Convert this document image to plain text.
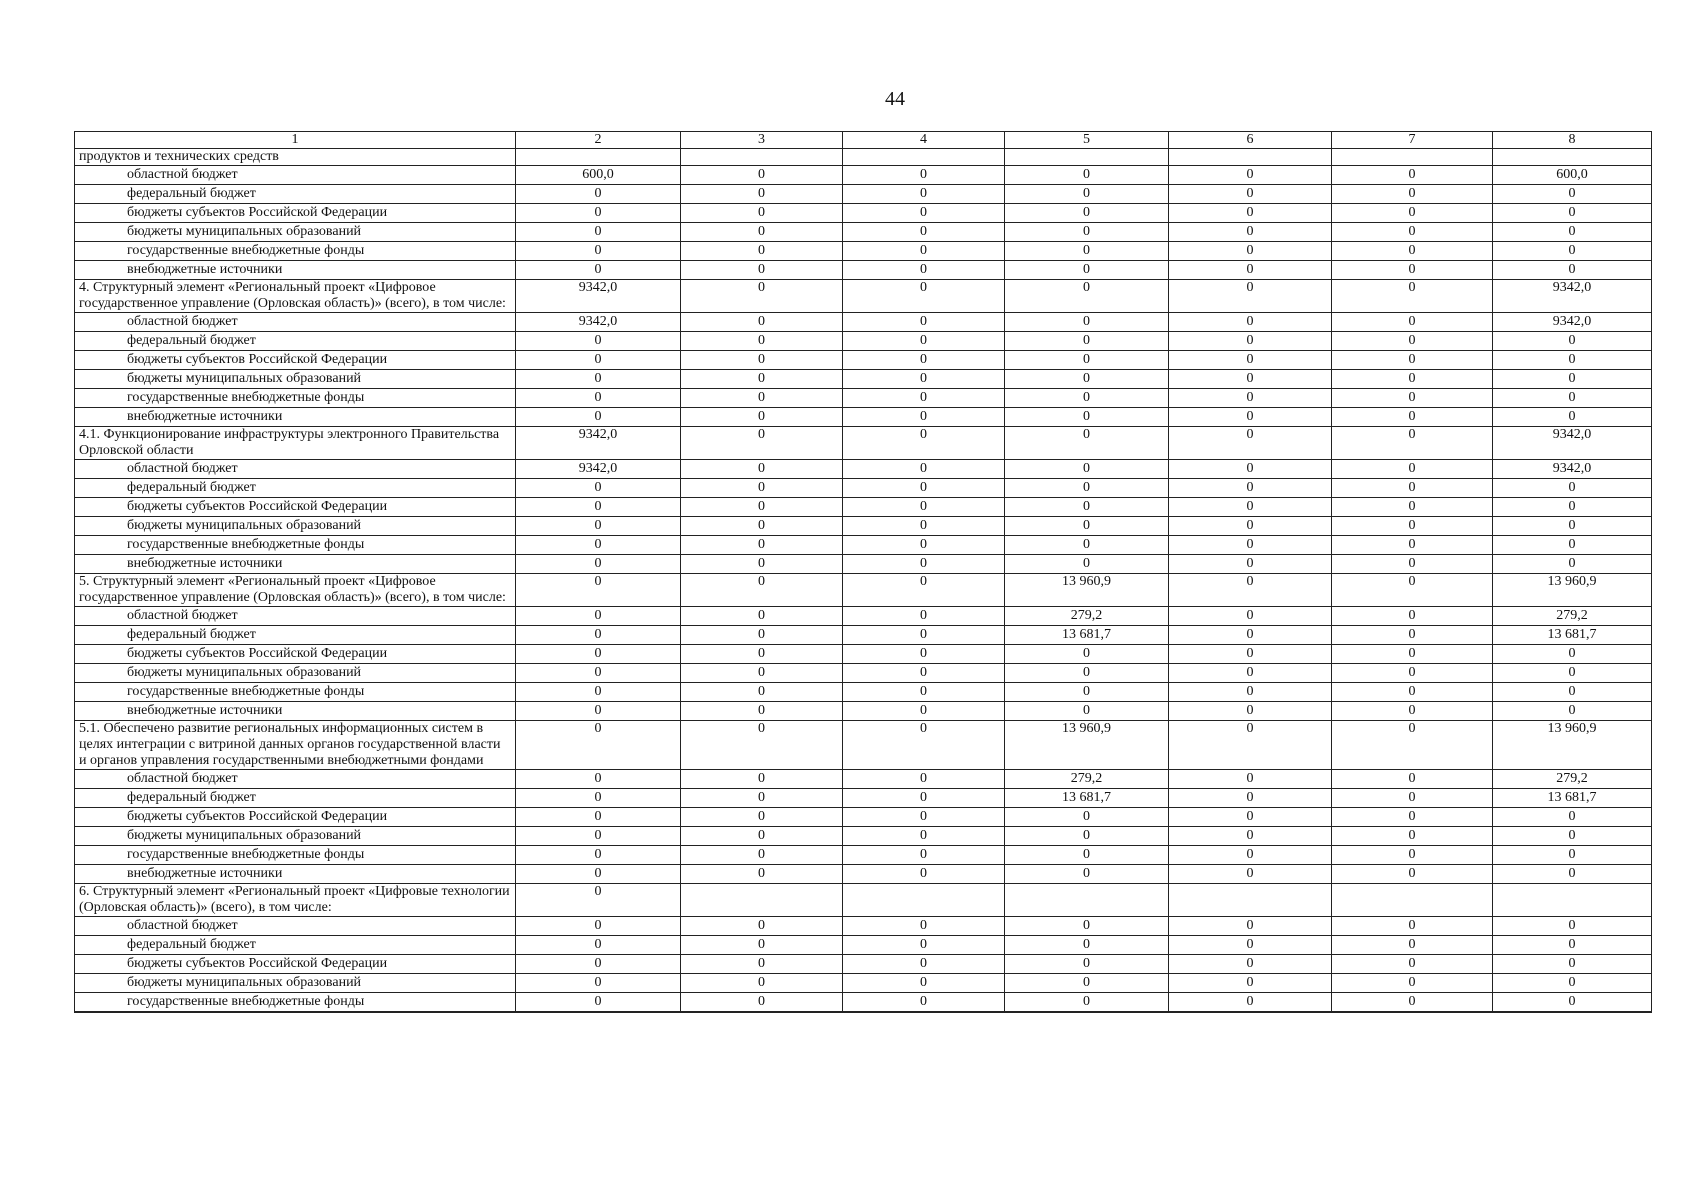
44
1	2	3	4	5	6	7	8
продуктов и технических средств							
областной бюджет	600,0	0	0	0	0	0	600,0
федеральный бюджет	0	0	0	0	0	0	0
бюджеты субъектов Российской Федерации	0	0	0	0	0	0	0
бюджеты муниципальных образований	0	0	0	0	0	0	0
государственные внебюджетные фонды	0	0	0	0	0	0	0
внебюджетные источники	0	0	0	0	0	0	0
4. Структурный элемент «Региональный проект «Цифровое государственное управление (Орловская область)» (всего), в том числе:	9342,0	0	0	0	0	0	9342,0
областной бюджет	9342,0	0	0	0	0	0	9342,0
федеральный бюджет	0	0	0	0	0	0	0
бюджеты субъектов Российской Федерации	0	0	0	0	0	0	0
бюджеты муниципальных образований	0	0	0	0	0	0	0
государственные внебюджетные фонды	0	0	0	0	0	0	0
внебюджетные источники	0	0	0	0	0	0	0
4.1. Функционирование инфраструктуры электронного Правительства Орловской области	9342,0	0	0	0	0	0	9342,0
областной бюджет	9342,0	0	0	0	0	0	9342,0
федеральный бюджет	0	0	0	0	0	0	0
бюджеты субъектов Российской Федерации	0	0	0	0	0	0	0
бюджеты муниципальных образований	0	0	0	0	0	0	0
государственные внебюджетные фонды	0	0	0	0	0	0	0
внебюджетные источники	0	0	0	0	0	0	0
5. Структурный элемент «Региональный проект «Цифровое государственное управление (Орловская область)» (всего), в том числе:	0	0	0	13 960,9	0	0	13 960,9
областной бюджет	0	0	0	279,2	0	0	279,2
федеральный бюджет	0	0	0	13 681,7	0	0	13 681,7
бюджеты субъектов Российской Федерации	0	0	0	0	0	0	0
бюджеты муниципальных образований	0	0	0	0	0	0	0
государственные внебюджетные фонды	0	0	0	0	0	0	0
внебюджетные источники	0	0	0	0	0	0	0
5.1. Обеспечено развитие региональных информационных систем в целях интеграции с витриной данных органов государственной власти и органов управления государственными внебюджетными фондами	0	0	0	13 960,9	0	0	13 960,9
областной бюджет	0	0	0	279,2	0	0	279,2
федеральный бюджет	0	0	0	13 681,7	0	0	13 681,7
бюджеты субъектов Российской Федерации	0	0	0	0	0	0	0
бюджеты муниципальных образований	0	0	0	0	0	0	0
государственные внебюджетные фонды	0	0	0	0	0	0	0
внебюджетные источники	0	0	0	0	0	0	0
6. Структурный элемент «Региональный проект «Цифровые технологии (Орловская область)» (всего), в том числе:	0						
областной бюджет	0	0	0	0	0	0	0
федеральный бюджет	0	0	0	0	0	0	0
бюджеты субъектов Российской Федерации	0	0	0	0	0	0	0
бюджеты муниципальных образований	0	0	0	0	0	0	0
государственные внебюджетные фонды	0	0	0	0	0	0	0
